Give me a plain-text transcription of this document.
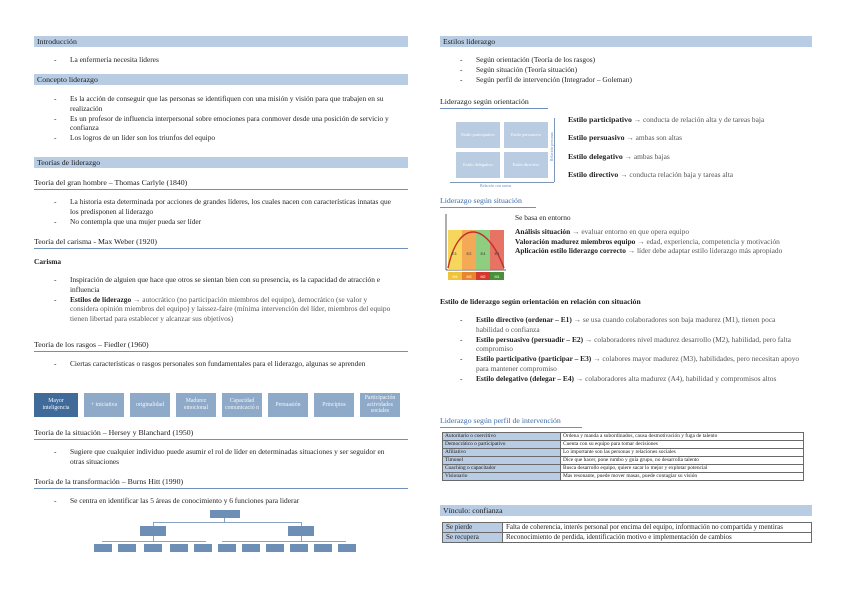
Introducción
- La enfermería necesita líderes
Concepto liderazgo
- Es la acción de conseguir que las personas se identifiquen con una misión y visión para que trabajen en su realización
- Es un profesor de influencia interpersonal sobre emociones para conmover desde una posición de servicio y confianza
- Los logros de un líder son los triunfos del equipo
Teorías de liderazgo
Teoría del gran hombre – Thomas Carlyle (1840)
- La historia esta determinada por acciones de grandes líderes, los cuales nacen con características innatas que los predisponen al liderazgo
- No contempla que una mujer pueda ser líder
Teoría del carisma - Max Weber (1920)
Carisma
- Inspiración de alguien que hace que otros se sientan bien con su presencia, es la capacidad de atracción e influencia
- Estilos de liderazgo → autocrático (no participación miembros del equipo), democrático (se valor y considera opinión miembros del equipo) y laissez-faire (mínima intervención del líder, miembros del equipo tienen libertad para establecer y alcanzar sus objetivos)
Teoría de los rasgos – Fiedler (1960)
- Ciertas características o rasgos personales son fundamentales para el liderazgo, algunas se aprenden
Mayor inteligencia
+ iniciativa	originalidad
Madurez emocional
Capacidad comunicació n
Persuasión	Principios
Participación actividades sociales
Teoría de la situación – Hersey y Blanchard (1950)
- Sugiere que cualquier individuo puede asumir el rol de líder en determinadas situaciones y ser seguidor en otras situaciones
Teoría de la transformación – Burns Hitt (1990)
- Se centra en identificar las 5 áreas de conocimiento y 6 funciones para liderar
Estilos liderazgo
- Según orientación (Teoría de los rasgos)
- Según situación (Teoría situación)
- Según perfil de intervención (Integrador – Goleman)
Liderazgo según orientación
Estilo participativo	Estilo persuasivo
Estilo delegativo	Estilo directivo
Relación con tareas
Relación personas
Estilo participativo → conducta de relación alta y de tareas baja
Estilo persuasivo → ambas son altas
Estilo delegativo → ambas bajas
Estilo directivo → conducta relación baja y tareas alta
Liderazgo según situación
E3	E2 E4 E1
M4	M3	M2	M1
Se basa en entorno
Análisis situación → evaluar entorno en que opera equipo
Valoración madurez miembros equipo → edad, experiencia, competencia y motivación
Aplicación estilo liderazgo correcto → líder debe adaptar estilo liderazgo más apropiado
Estilo de liderazgo según orientación en relación con situación
- Estilo directivo (ordenar – E1) → se usa cuando colaboradores son baja madurez (M1), tienen poca habilidad o confianza
- Estilo persuasivo (persuadir – E2) → colaboradores nivel madurez desarrollo (M2), habilidad, pero falta compromiso
- Estilo participativo (participar – E3) → colabores mayor madurez (M3), habilidades, pero necesitan apoyo para mantener compromiso
- Estilo delegativo (delegar – E4) → colaboradores alta madurez (A4), habilidad y compromisos altos
Liderazgo según perfil de intervención
Autoritario o coercitivo	Ordena y manda a subordinados, causa desmotivación y fuga de talento
Democrático o participativo	Cuenta con su equipo para tomar decisiones
Afiliativo	Lo importante son las personas y relaciones sociales
Timonel	Dice que hacer, pone rumbo y guía grupo, no desarrolla talento
Coaching o capacitador	Busca desarrollo equipo, quiere sacar lo mejor y explotar potencial
Visionario	Mas resonante, puede mover masas, puede contagiar su visión
Vínculo: confianza
Se pierde	Falta de coherencia, interés personal por encima del equipo, información no compartida y mentiras
Se recupera	Reconocimiento de perdida, identificación motivo e implementación de cambios
